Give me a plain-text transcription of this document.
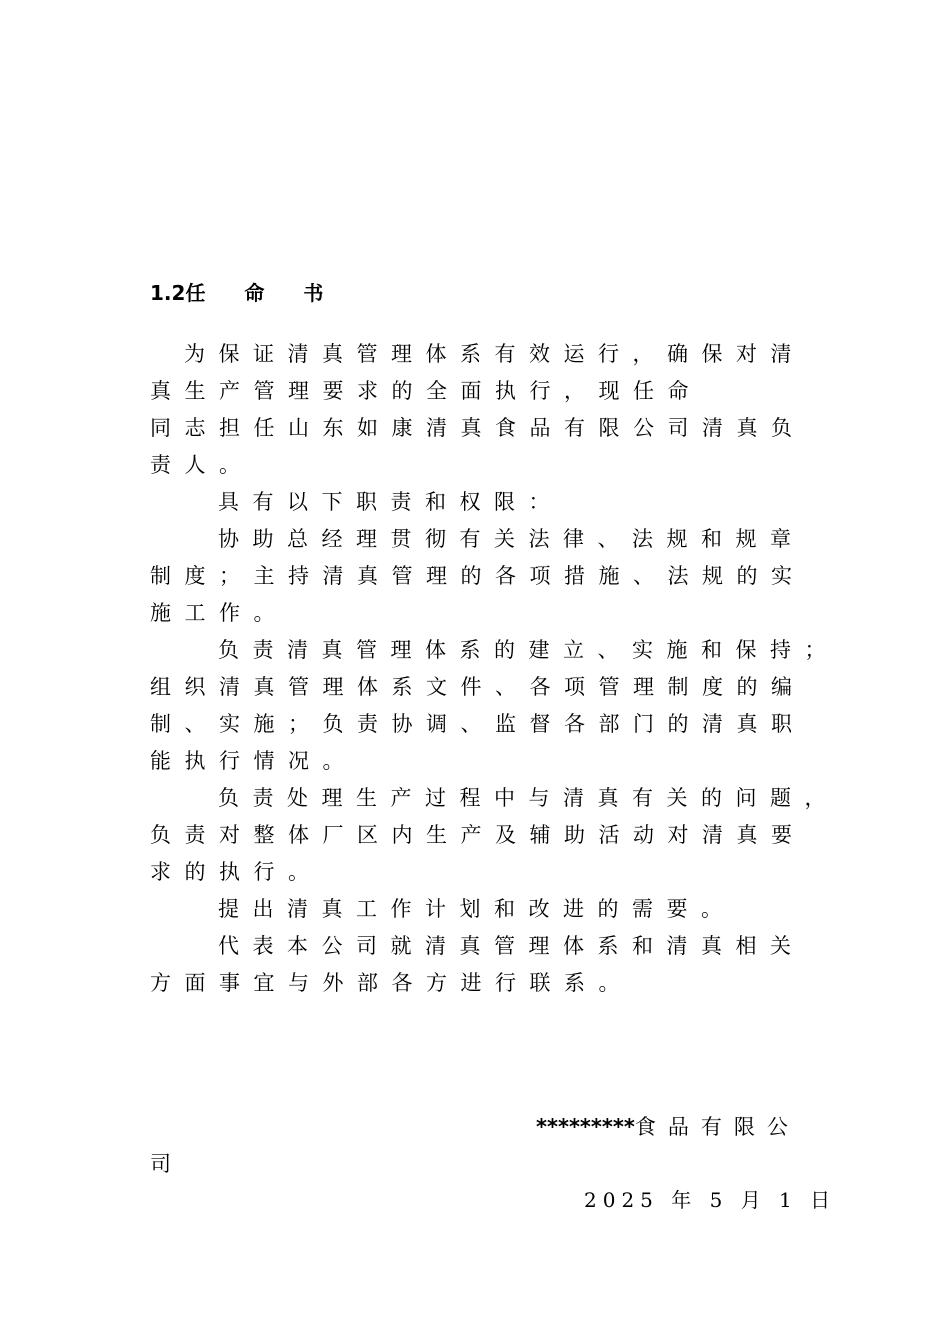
1.2任 命 书
为保证清真管理体系有效运行，确保对清
真生产管理要求的全面执行，现任命
同志担任山东如康清真食品有限公司清真负
责人。
具有以下职责和权限：
协助总经理贯彻有关法律、法规和规章
制度；主持清真管理的各项措施、法规的实
施工作。
负责清真管理体系的建立、实施和保持；
组织清真管理体系文件、各项管理制度的编
制、实施；负责协调、监督各部门的清真职
能执行情况。
负责处理生产过程中与清真有关的问题，
负责对整体厂区内生产及辅助活动对清真要
求的执行。
提出清真工作计划和改进的需要。
代表本公司就清真管理体系和清真相关
方面事宜与外部各方进行联系。
*********食品有限公
司
2025 年 5 月 1 日
